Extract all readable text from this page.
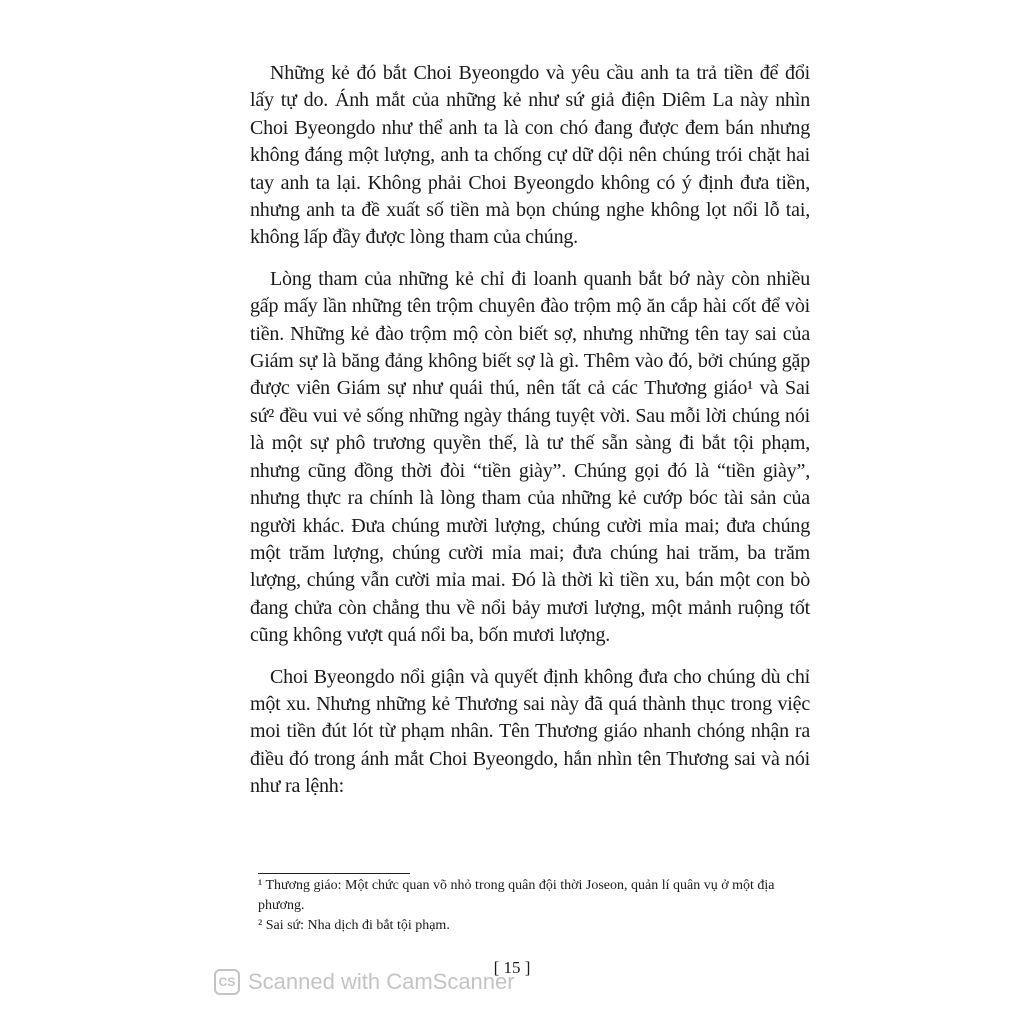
Những kẻ đó bắt Choi Byeongdo và yêu cầu anh ta trả tiền để đổi lấy tự do. Ánh mắt của những kẻ như sứ giả điện Diêm La này nhìn Choi Byeongdo như thể anh ta là con chó đang được đem bán nhưng không đáng một lượng, anh ta chống cự dữ dội nên chúng trói chặt hai tay anh ta lại. Không phải Choi Byeongdo không có ý định đưa tiền, nhưng anh ta đề xuất số tiền mà bọn chúng nghe không lọt nổi lỗ tai, không lấp đầy được lòng tham của chúng.

Lòng tham của những kẻ chỉ đi loanh quanh bắt bớ này còn nhiều gấp mấy lần những tên trộm chuyên đào trộm mộ ăn cắp hài cốt để vòi tiền. Những kẻ đào trộm mộ còn biết sợ, nhưng những tên tay sai của Giám sự là băng đảng không biết sợ là gì. Thêm vào đó, bởi chúng gặp được viên Giám sự như quái thú, nên tất cả các Thương giáo¹ và Sai sứ² đều vui vẻ sống những ngày tháng tuyệt vời. Sau mỗi lời chúng nói là một sự phô trương quyền thế, là tư thế sẵn sàng đi bắt tội phạm, nhưng cũng đồng thời đòi “tiền giày”. Chúng gọi đó là “tiền giày”, nhưng thực ra chính là lòng tham của những kẻ cướp bóc tài sản của người khác. Đưa chúng mười lượng, chúng cười mỉa mai; đưa chúng một trăm lượng, chúng cười mỉa mai; đưa chúng hai trăm, ba trăm lượng, chúng vẫn cười mỉa mai. Đó là thời kì tiền xu, bán một con bò đang chửa còn chẳng thu về nổi bảy mươi lượng, một mảnh ruộng tốt cũng không vượt quá nổi ba, bốn mươi lượng.

Choi Byeongdo nổi giận và quyết định không đưa cho chúng dù chỉ một xu. Nhưng những kẻ Thương sai này đã quá thành thục trong việc moi tiền đút lót từ phạm nhân. Tên Thương giáo nhanh chóng nhận ra điều đó trong ánh mắt Choi Byeongdo, hắn nhìn tên Thương sai và nói như ra lệnh:

¹ Thương giáo: Một chức quan võ nhỏ trong quân đội thời Joseon, quản lí quân vụ ở một địa phương.

² Sai sứ: Nha dịch đi bắt tội phạm.

[ 15 ]
CS Scanned with CamScanner
